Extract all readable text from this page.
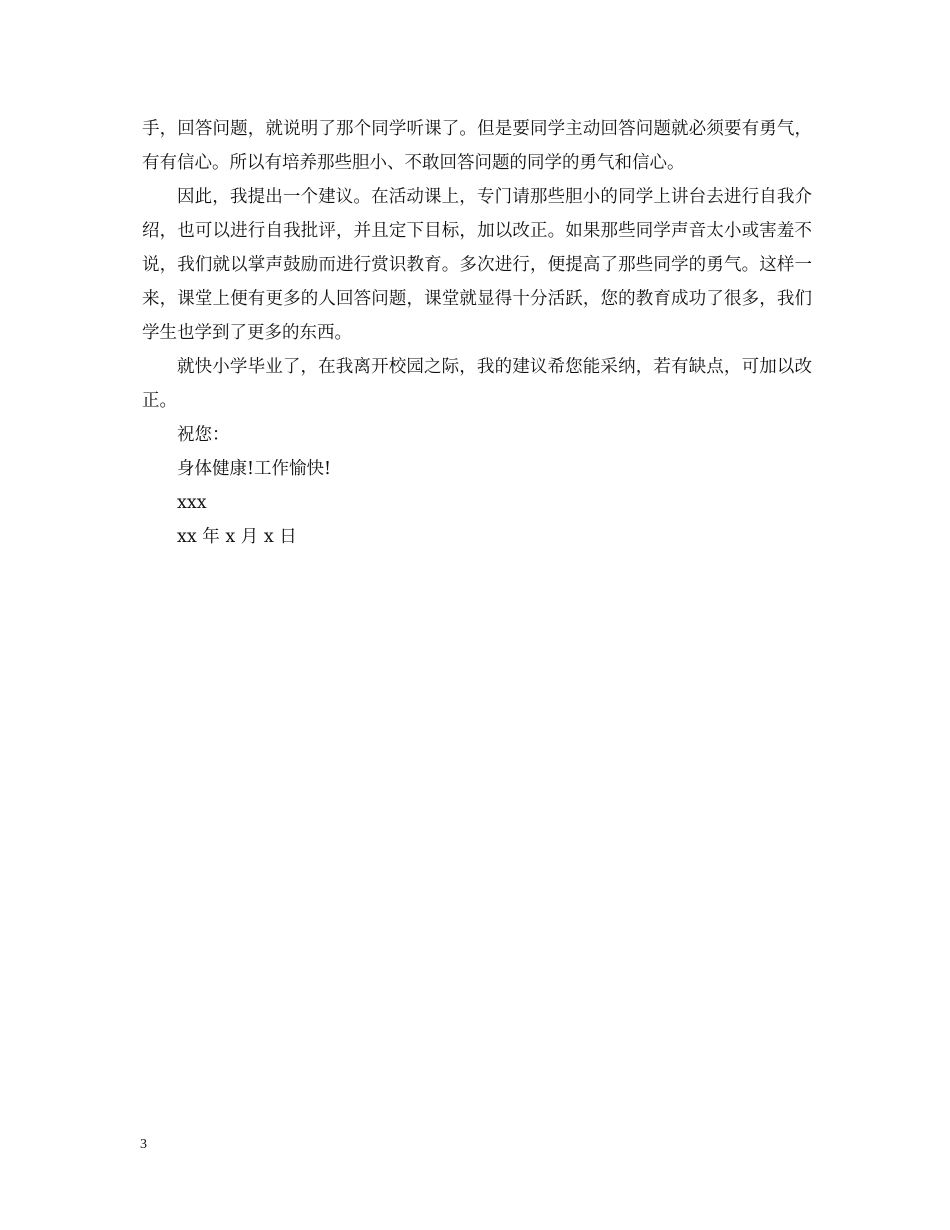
手，回答问题，就说明了那个同学听课了。但是要同学主动回答问题就必须要有勇气，有有信心。所以有培养那些胆小、不敢回答问题的同学的勇气和信心。

因此，我提出一个建议。在活动课上，专门请那些胆小的同学上讲台去进行自我介绍，也可以进行自我批评，并且定下目标，加以改正。如果那些同学声音太小或害羞不说，我们就以掌声鼓励而进行赏识教育。多次进行，便提高了那些同学的勇气。这样一来，课堂上便有更多的人回答问题，课堂就显得十分活跃，您的教育成功了很多，我们学生也学到了更多的东西。

就快小学毕业了，在我离开校园之际，我的建议希您能采纳，若有缺点，可加以改正。

祝您：

身体健康!工作愉快!

xxx

xx 年 x 月 x 日

3
